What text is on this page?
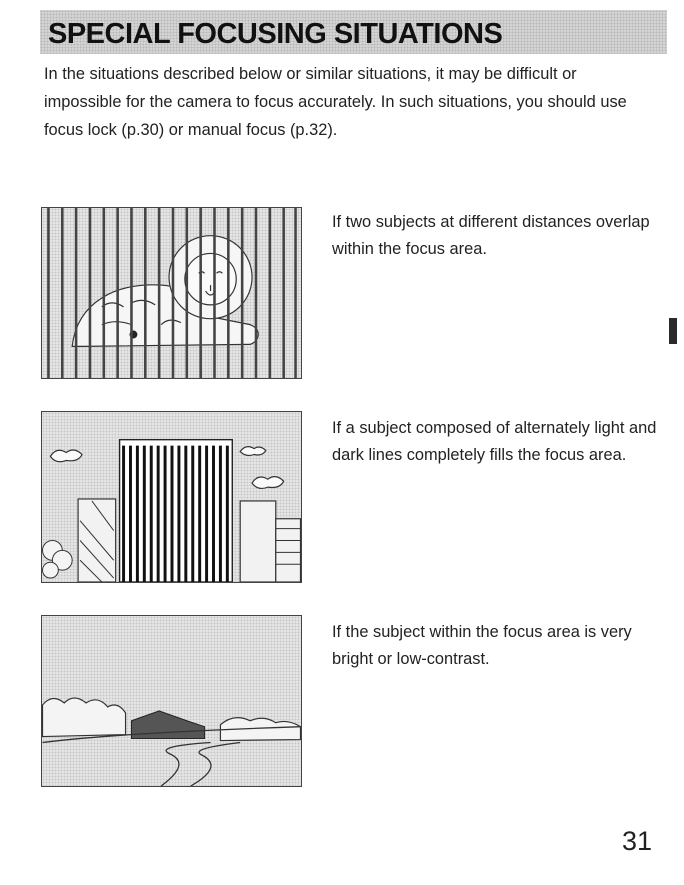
SPECIAL FOCUSING SITUATIONS

In the situations described below or similar situations, it may be difficult or impossible for the camera to focus accurately. In such situations, you should use focus lock (p.30) or manual focus (p.32).

If two subjects at different distances overlap within the focus area.

If a subject composed of alternately light and dark lines completely fills the focus area.

If the subject within the focus area is very bright or low-contrast.

31
